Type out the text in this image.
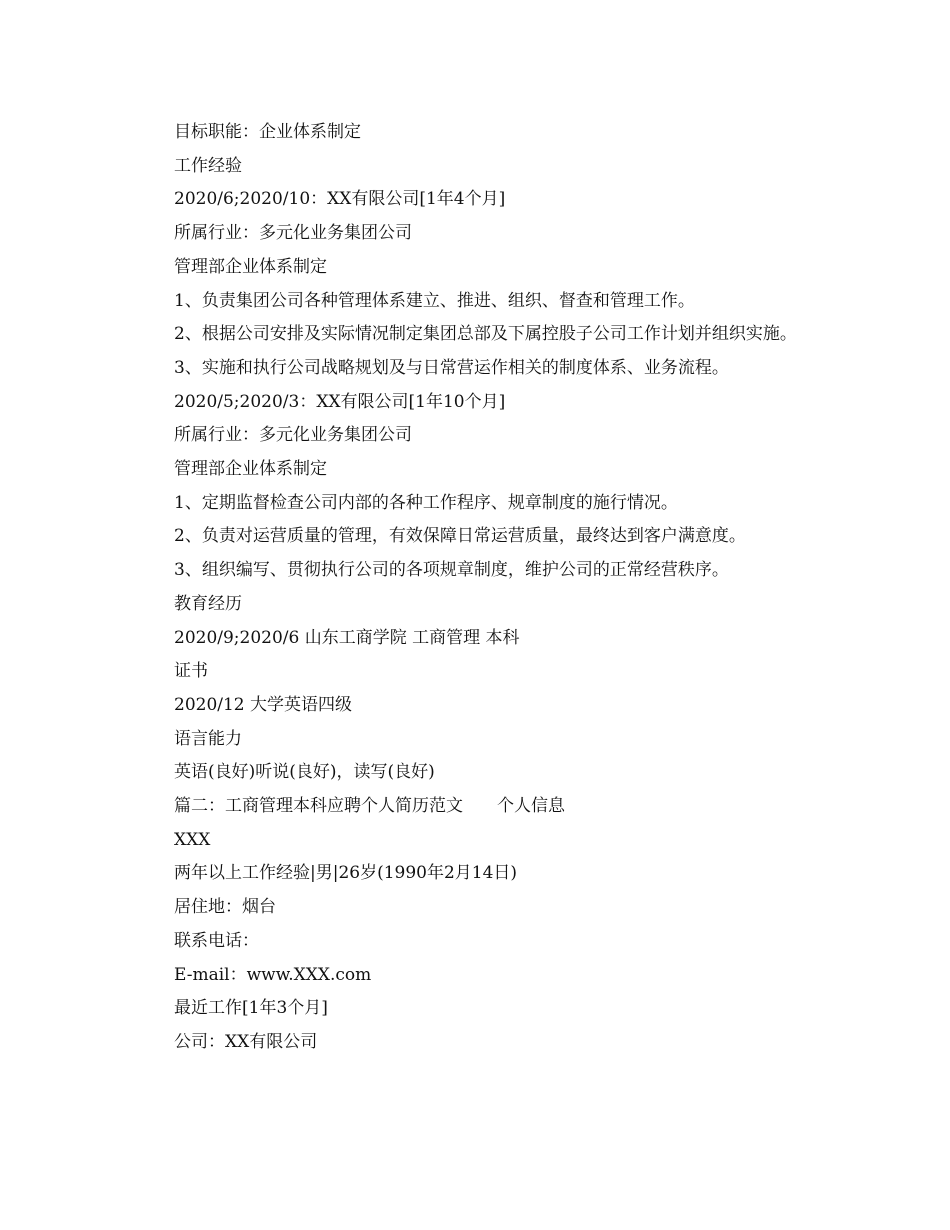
目标职能：企业体系制定

工作经验

2020/6;2020/10：XX有限公司[1年4个月]

所属行业：多元化业务集团公司

管理部企业体系制定

1、负责集团公司各种管理体系建立、推进、组织、督查和管理工作。

2、根据公司安排及实际情况制定集团总部及下属控股子公司工作计划并组织实施。

3、实施和执行公司战略规划及与日常营运作相关的制度体系、业务流程。

2020/5;2020/3：XX有限公司[1年10个月]

所属行业：多元化业务集团公司

管理部企业体系制定

1、定期监督检查公司内部的各种工作程序、规章制度的施行情况。

2、负责对运营质量的管理，有效保障日常运营质量，最终达到客户满意度。

3、组织编写、贯彻执行公司的各项规章制度，维护公司的正常经营秩序。

教育经历

2020/9;2020/6 山东工商学院 工商管理 本科

证书

2020/12 大学英语四级

语言能力

英语(良好)听说(良好)，读写(良好)

篇二：工商管理本科应聘个人简历范文　　个人信息

XXX

两年以上工作经验|男|26岁(1990年2月14日)

居住地：烟台

联系电话：

E-mail：www.XXX.com

最近工作[1年3个月]

公司：XX有限公司
